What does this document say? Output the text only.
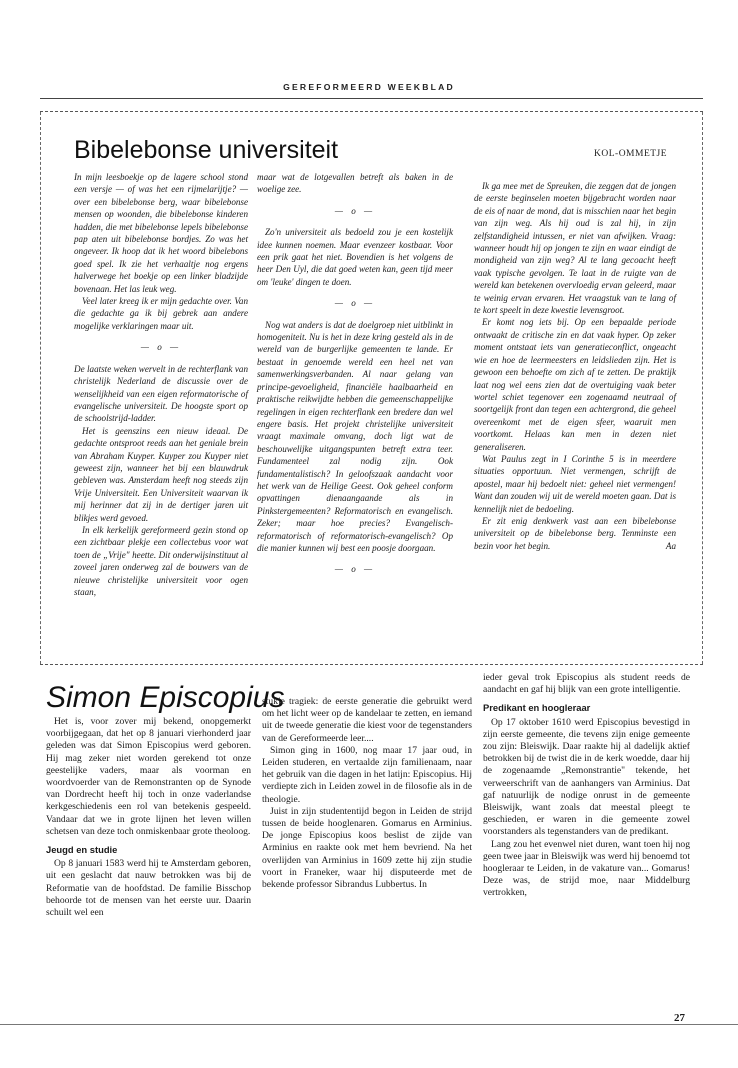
GEREFORMEERD WEEKBLAD
Bibelebonse universiteit	KOL-OMMETJE

In mijn leesboekje op de lagere school stond een versje — of was het een rijmelarijtje? — over een bibelebonse berg, waar bibelebonse mensen op woonden, die bibelebonse kinderen hadden, die met bibelebonse lepels bibelebonse pap aten uit bibelebonse bordjes. Zo was het ongeveer. Ik hoop dat ik het woord bibelebons goed spel. Ik zie het verhaaltje nog ergens halverwege het boekje op een linker bladzijde bovenaan. Het las leuk weg.

Veel later kreeg ik er mijn gedachte over. Van die gedachte ga ik bij gebrek aan andere mogelijke verklaringen maar uit.

— o —

De laatste weken wervelt in de rechterflank van christelijk Nederland de discussie over de wenselijkheid van een eigen reformatorische of evangelische universiteit. De hoogste sport op de schoolstrijd-ladder.

Het is geenszins een nieuw ideaal. De gedachte ontsproot reeds aan het geniale brein van Abraham Kuyper. Kuyper zou Kuyper niet geweest zijn, wanneer het bij een blauwdruk gebleven was. Amsterdam heeft nog steeds zijn Vrije Universiteit. Een Universiteit waarvan ik mij herinner dat zij in de dertiger jaren uit blikjes werd gevoed.

In elk kerkelijk gereformeerd gezin stond op een zichtbaar plekje een collectebus voor wat toen de „Vrije" heette. Dit onderwijsinstituut al zoveel jaren onderweg zal de bouwers van de nieuwe christelijke universiteit voor ogen staan,

maar wat de lotgevallen betreft als baken in de woelige zee.

— o —

Zo'n universiteit als bedoeld zou je een kostelijk idee kunnen noemen. Maar evenzeer kostbaar. Voor een prik gaat het niet. Bovendien is het volgens de heer Den Uyl, die dat goed weten kan, geen tijd meer om 'leuke' dingen te doen.

— o —

Nog wat anders is dat de doelgroep niet uitblinkt in homogeniteit. Nu is het in deze kring gesteld als in de wereld van de burgerlijke gemeenten te lande. Er bestaat in genoemde wereld een heel net van samenwerkingsverbanden. Al naar gelang van principe-gevoeligheid, financiële haalbaarheid en praktische reikwijdte hebben die gemeenschappelijke regelingen in eigen rechterflank een bredere dan wel engere basis. Het projekt christelijke universiteit vraagt maximale omvang, doch ligt wat de beschouwelijke uitgangspunten betreft extra teer. Fundamenteel zal nodig zijn. Ook fundamentalistisch? In geloofszaak aandacht voor het werk van de Heilige Geest. Ook geheel conform opvattingen dienaangaande als in Pinkstergemeenten? Reformatorisch en evangelisch. Zeker; maar hoe precies? Evangelisch-reformatorisch of reformatorisch-evangelisch? Op die manier kunnen wij best een poosje doorgaan.

— o —

Ik ga mee met de Spreuken, die zeggen dat de jongen de eerste beginselen moeten bijgebracht worden naar de eis of naar de mond, dat is misschien naar het begin van zijn weg. Als hij oud is zal hij, in zijn zelfstandigheid intussen, er niet van afwijken. Vraag: wanneer houdt hij op jongen te zijn en waar eindigt de mondigheid van zijn weg? Al te lang gecoacht heeft vaak typische gevolgen. Te laat in de ruigte van de wereld kan betekenen overvloedig ervan geleerd, maar te weinig ervan ervaren. Het vraagstuk van te lang of te kort speelt in deze kwestie levensgroot.

Er komt nog iets bij. Op een bepaalde periode ontwaakt de critische zin en dat vaak hyper. Op zeker moment ontstaat iets van generatieconflict, ongeacht wie en hoe de leermeesters en leidslieden zijn. Het is gewoon een behoefte om zich af te zetten. De praktijk laat nog wel eens zien dat de overtuiging vaak beter wortel schiet tegenover een zogenaamd neutraal of soortgelijk front dan tegen een achtergrond, die geheel overeenkomt met de eigen sfeer, waaruit men voortkomt. Helaas kan men in dezen niet generaliseren.

Wat Paulus zegt in I Corinthe 5 is in meerdere situaties opportuun. Niet vermengen, schrijft de apostel, maar hij bedoelt niet: geheel niet vermengen! Want dan zouden wij uit de wereld moeten gaan. Dat is kennelijk niet de bedoeling.

Er zit enig denkwerk vast aan een bibelebonse universiteit op de bibelebonse berg. Tenminste een bezin voor het begin.	Aa

Simon Episcopius

Het is, voor zover mij bekend, onopgemerkt voorbijgegaan, dat het op 8 januari vierhonderd jaar geleden was dat Simon Episcopius werd geboren. Hij mag zeker niet worden gerekend tot onze geestelijke vaders, maar als voorman en woordvoerder van de Remonstranten op de Synode van Dordrecht heeft hij toch in onze vaderlandse kerkgeschiedenis een rol van betekenis gespeeld. Vandaar dat we in grote lijnen het leven willen schetsen van deze toch onmiskenbaar grote theoloog.

Jeugd en studie

Op 8 januari 1583 werd hij te Amsterdam geboren, uit een geslacht dat nauw betrokken was bij de Reformatie van de hoofdstad. De familie Bisschop behoorde tot de mensen van het eerste uur. Daarin schuilt wel een

stukje tragiek: de eerste generatie die gebruikt werd om het licht weer op de kandelaar te zetten, en iemand uit de tweede generatie die kiest voor de tegenstanders van de Gereformeerde leer....

Simon ging in 1600, nog maar 17 jaar oud, in Leiden studeren, en vertaalde zijn familienaam, naar het gebruik van die dagen in het latijn: Episcopius. Hij verdiepte zich in Leiden zowel in de filosofie als in de theologie.

Juist in zijn studententijd begon in Leiden de strijd tussen de beide hooglenaren. Gomarus en Arminius. De jonge Episcopius koos beslist de zijde van Arminius en raakte ook met hem bevriend. Na het overlijden van Arminius in 1609 zette hij zijn studie voort in Franeker, waar hij disputeerde met de bekende professor Sibrandus Lubbertus. In

ieder geval trok Episcopius als student reeds de aandacht en gaf hij blijk van een grote intelligentie.

Predikant en hoogleraar

Op 17 oktober 1610 werd Episcopius bevestigd in zijn eerste gemeente, die tevens zijn enige gemeente zou zijn: Bleiswijk. Daar raakte hij al dadelijk aktief betrokken bij de twist die in de kerk woedde, daar hij de zogenaamde „Remonstrantie" tekende, het verweerschrift van de aanhangers van Arminius. Dat gaf natuurlijk de nodige onrust in de gemeente Bleiswijk, want zoals dat meestal pleegt te geschieden, er waren in die gemeente zowel voorstanders als tegenstanders van de predikant.

Lang zou het evenwel niet duren, want toen hij nog geen twee jaar in Bleiswijk was werd hij benoemd tot hoogleraar te Leiden, in de vakature van... Gomarus! Deze was, de strijd moe, naar Middelburg vertrokken,

27
